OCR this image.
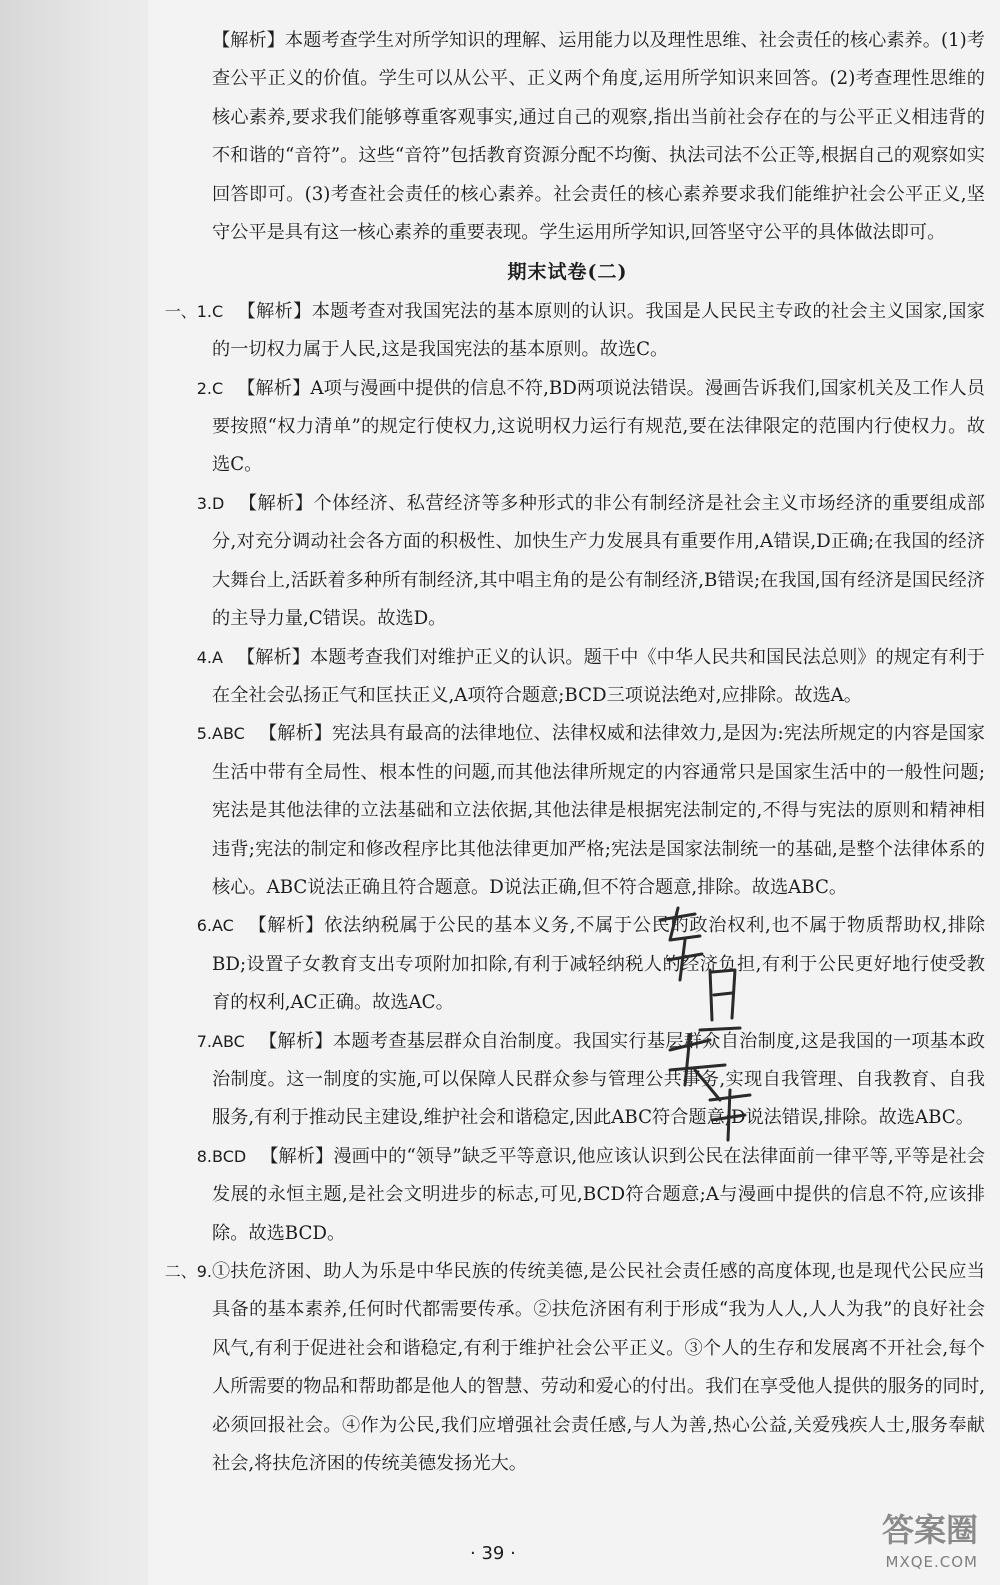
【解析】本题考查学生对所学知识的理解、运用能力以及理性思维、社会责任的核心素养。(1)考查公平正义的价值。学生可以从公平、正义两个角度,运用所学知识来回答。(2)考查理性思维的核心素养,要求我们能够尊重客观事实,通过自己的观察,指出当前社会存在的与公平正义相违背的不和谐的“音符”。这些“音符”包括教育资源分配不均衡、执法司法不公正等,根据自己的观察如实回答即可。(3)考查社会责任的核心素养。社会责任的核心素养要求我们能维护社会公平正义,坚守公平是具有这一核心素养的重要表现。学生运用所学知识,回答坚守公平的具体做法即可。

期末试卷(二)

一、1. C 【解析】本题考查对我国宪法的基本原则的认识。我国是人民民主专政的社会主义国家,国家的一切权力属于人民,这是我国宪法的基本原则。故选C。

2. C 【解析】A项与漫画中提供的信息不符,BD两项说法错误。漫画告诉我们,国家机关及工作人员要按照“权力清单”的规定行使权力,这说明权力运行有规范,要在法律限定的范围内行使权力。故选C。

3. D 【解析】个体经济、私营经济等多种形式的非公有制经济是社会主义市场经济的重要组成部分,对充分调动社会各方面的积极性、加快生产力发展具有重要作用,A错误,D正确;在我国的经济大舞台上,活跃着多种所有制经济,其中唱主角的是公有制经济,B错误;在我国,国有经济是国民经济的主导力量,C错误。故选D。

4. A 【解析】本题考查我们对维护正义的认识。题干中《中华人民共和国民法总则》的规定有利于在全社会弘扬正气和匡扶正义,A项符合题意;BCD三项说法绝对,应排除。故选A。

5. ABC 【解析】宪法具有最高的法律地位、法律权威和法律效力,是因为:宪法所规定的内容是国家生活中带有全局性、根本性的问题,而其他法律所规定的内容通常只是国家生活中的一般性问题;宪法是其他法律的立法基础和立法依据,其他法律是根据宪法制定的,不得与宪法的原则和精神相违背;宪法的制定和修改程序比其他法律更加严格;宪法是国家法制统一的基础,是整个法律体系的核心。ABC说法正确且符合题意。D说法正确,但不符合题意,排除。故选ABC。

6. AC 【解析】依法纳税属于公民的基本义务,不属于公民的政治权利,也不属于物质帮助权,排除BD;设置子女教育支出专项附加扣除,有利于减轻纳税人的经济负担,有利于公民更好地行使受教育的权利,AC正确。故选AC。

7. ABC 【解析】本题考查基层群众自治制度。我国实行基层群众自治制度,这是我国的一项基本政治制度。这一制度的实施,可以保障人民群众参与管理公共事务,实现自我管理、自我教育、自我服务,有利于推动民主建设,维护社会和谐稳定,因此ABC符合题意;D说法错误,排除。故选ABC。

8. BCD 【解析】漫画中的“领导”缺乏平等意识,他应该认识到公民在法律面前一律平等,平等是社会发展的永恒主题,是社会文明进步的标志,可见,BCD符合题意;A与漫画中提供的信息不符,应该排除。故选BCD。

二、9. ①扶危济困、助人为乐是中华民族的传统美德,是公民社会责任感的高度体现,也是现代公民应当具备的基本素养,任何时代都需要传承。②扶危济困有利于形成“我为人人,人人为我”的良好社会风气,有利于促进社会和谐稳定,有利于维护社会公平正义。③个人的生存和发展离不开社会,每个人所需要的物品和帮助都是他人的智慧、劳动和爱心的付出。我们在享受他人提供的服务的同时,必须回报社会。④作为公民,我们应增强社会责任感,与人为善,热心公益,关爱残疾人士,服务奉献社会,将扶危济困的传统美德发扬光大。

· 39 ·
答案圈
MXQE.COM
